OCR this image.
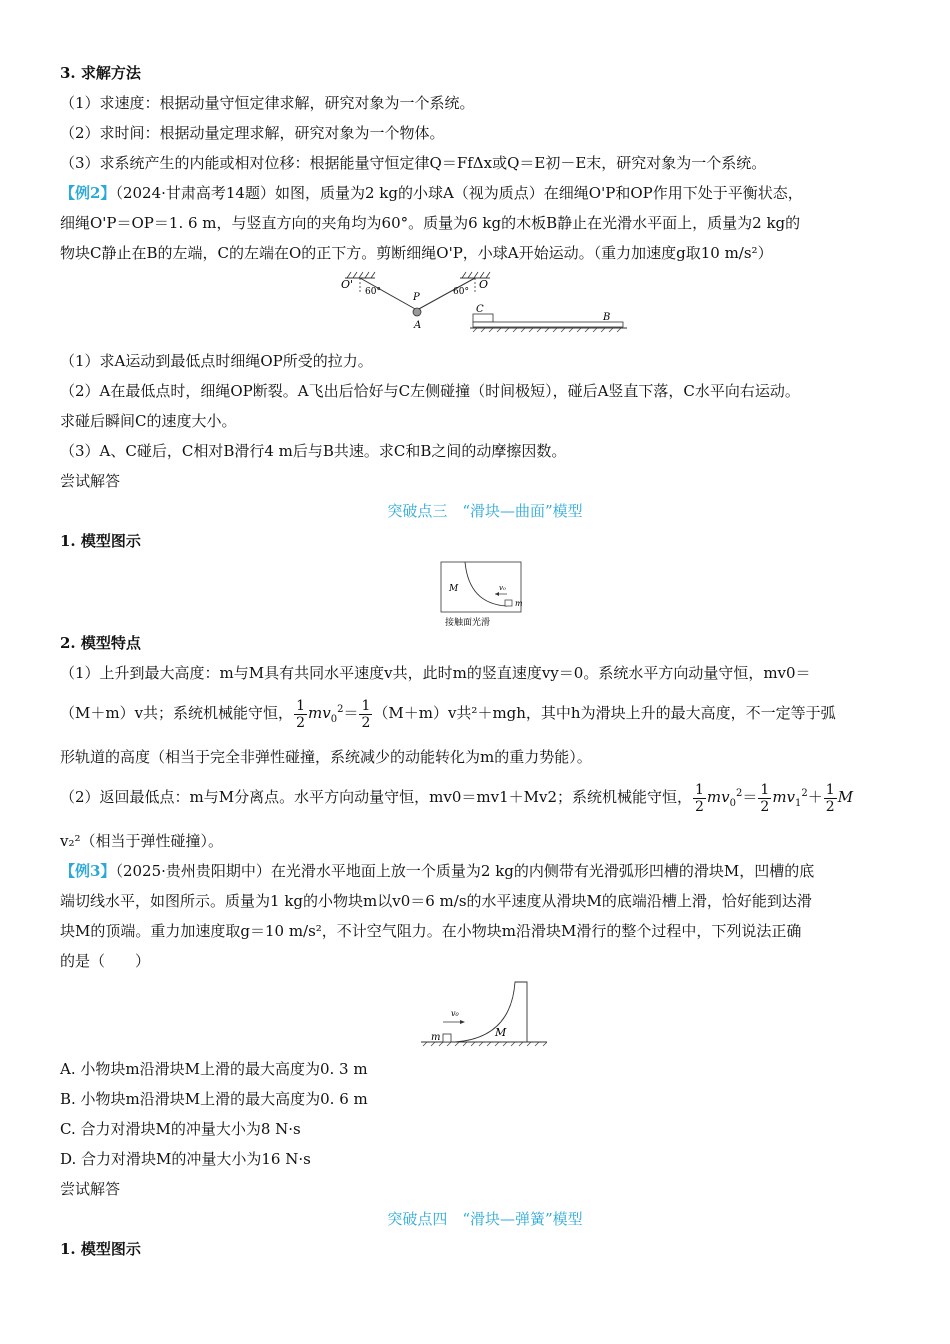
3. 求解方法
（1）求速度：根据动量守恒定律求解，研究对象为一个系统。
（2）求时间：根据动量定理求解，研究对象为一个物体。
（3）求系统产生的内能或相对位移：根据能量守恒定律Q＝FfΔx或Q＝E初－E末，研究对象为一个系统。
【例2】（2024·甘肃高考14题）如图，质量为2 kg的小球A（视为质点）在细绳O'P和OP作用下处于平衡状态，
细绳O'P＝OP＝1. 6 m，与竖直方向的夹角均为60°。质量为6 kg的木板B静止在光滑水平面上，质量为2 kg的
物块C静止在B的左端，C的左端在O的正下方。剪断细绳O'P，小球A开始运动。（重力加速度g取10 m/s²）
O'	O
60°	60°
P
A
C
B
（1）求A运动到最低点时细绳OP所受的拉力。
（2）A在最低点时，细绳OP断裂。A飞出后恰好与C左侧碰撞（时间极短），碰后A竖直下落，C水平向右运动。
求碰后瞬间C的速度大小。
（3）A、C碰后，C相对B滑行4 m后与B共速。求C和B之间的动摩擦因数。
尝试解答
突破点三　“滑块—曲面”模型
1. 模型图示
M
m
v₀
接触面光滑
2. 模型特点
（1）上升到最大高度：m与M具有共同水平速度v共，此时m的竖直速度vy＝0。系统水平方向动量守恒，mv0＝
（M＋m）v共；系统机械能守恒， $\frac{1}{2} mv_0^2= \frac{1}{2} (M+m)v$共²＋mgh，其中h为滑块上升的最大高度，不一定等于弧
形轨道的高度（相当于完全非弹性碰撞，系统减少的动能转化为m的重力势能）。
（2）返回最低点：m与M分离点。水平方向动量守恒，mv0＝mv1＋Mv2；系统机械能守恒， $\frac{1}{2} mv_0^2= \frac{1}{2} mv_1^2+ \frac{1}{2}$ M
v₂²（相当于弹性碰撞）。
【例3】（2025·贵州贵阳期中）在光滑水平地面上放一个质量为2 kg的内侧带有光滑弧形凹槽的滑块M，凹槽的底
端切线水平，如图所示。质量为1 kg的小物块m以v0＝6 m/s的水平速度从滑块M的底端沿槽上滑，恰好能到达滑
块M的顶端。重力加速度取g＝10 m/s²，不计空气阻力。在小物块m沿滑块M滑行的整个过程中，下列说法正确
的是（　　）
m	M
v₀
A. 小物块m沿滑块M上滑的最大高度为0. 3 m
B. 小物块m沿滑块M上滑的最大高度为0. 6 m
C. 合力对滑块M的冲量大小为8 N·s
D. 合力对滑块M的冲量大小为16 N·s
尝试解答
突破点四　“滑块—弹簧”模型
1. 模型图示
